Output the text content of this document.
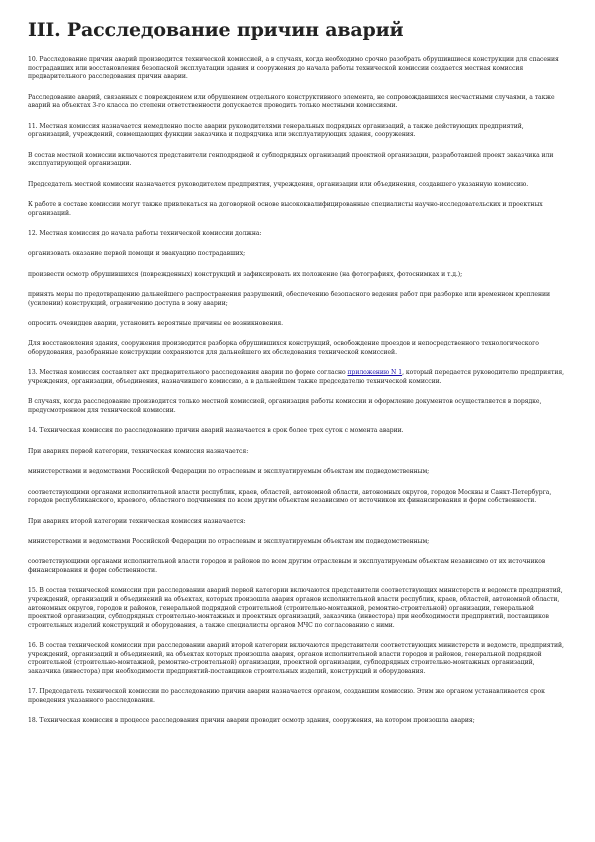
III. Расследование причин аварий

10. Расследование причин аварий производится технической комиссией, а в случаях, когда необходимо срочно разобрать обрушившиеся конструкции для спасения пострадавших или восстановления безопасной эксплуатации здания и сооружения до начала работы технической комиссии создается местная комиссия предварительного расследования причин аварии.

Расследование аварий, связанных с повреждением или обрушением отдельного конструктивного элемента, не сопровождавшихся несчастными случаями, а также аварий на объектах 3-го класса по степени ответственности допускается проводить только местными комиссиями.

11. Местная комиссия назначается немедленно после аварии руководителями генеральных подрядных организаций, а также действующих предприятий, организаций, учреждений, совмещающих функции заказчика и подрядчика или эксплуатирующих здания, сооружения.

В состав местной комиссии включаются представители генподрядной и субподрядных организаций проектной организации, разработавшей проект заказчика или эксплуатирующей организации.

Председатель местной комиссии назначается руководителем предприятия, учреждения, организации или объединения, создавшего указанную комиссию.

К работе в составе комиссии могут также привлекаться на договорной основе высококвалифицированные специалисты научно-исследовательских и проектных организаций.

12. Местная комиссия до начала работы технической комиссии должна:

организовать оказание первой помощи и эвакуацию пострадавших;

произвести осмотр обрушившихся (поврежденных) конструкций и зафиксировать их положение (на фотографиях, фотоснимках и т.д.);

принять меры по предотвращению дальнейшего распространения разрушений, обеспечению безопасного ведения работ при разборке или временном креплении (усилении) конструкций, ограничению доступа в зону аварии;

опросить очевидцев аварии, установить вероятные причины ее возникновения.

Для восстановления здания, сооружения производится разборка обрушившихся конструкций, освобождение проездов и непосредственного технологического оборудования, разобранные конструкции сохраняются для дальнейшего их обследования технической комиссией.

13. Местная комиссия составляет акт предварительного расследования аварии по форме согласно приложению N 1, который передается руководителю предприятия, учреждения, организации, объединения, назначившего комиссию, а в дальнейшем также председателю технической комиссии.

В случаях, когда расследование производится только местной комиссией, организация работы комиссии и оформление документов осуществляется в порядке, предусмотренном для технической комиссии.

14. Техническая комиссия по расследованию причин аварий назначается в срок более трех суток с момента аварии.

При авариях первой категории, техническая комиссия назначается:

министерствами и ведомствами Российской Федерации по отраслевым и эксплуатируемым объектам им подведомственным;

соответствующими органами исполнительной власти республик, краев, областей, автономной области, автономных округов, городов Москвы и Санкт-Петербурга, городов республиканского, краевого, областного подчинения по всем другим объектам независимо от источников их финансирования и форм собственности.

При авариях второй категории техническая комиссия назначается:

министерствами и ведомствами Российской Федерации по отраслевым и эксплуатируемым объектам им подведомственным;

соответствующими органами исполнительной власти городов и районов по всем другим отраслевым и эксплуатируемым объектам независимо от их источников финансирования и форм собственности.

15. В состав технической комиссии при расследовании аварий первой категории включаются представители соответствующих министерств и ведомств предприятий, учреждений, организаций и объединений на объектах, которых произошла авария органов исполнительной власти республик, краев, областей, автономной области, автономных округов, городов и районов, генеральной подрядной строительной (строительно-монтажной, ремонтно-строительной) организации, генеральной проектной организации, субподрядных строительно-монтажных и проектных организаций, заказчика (инвестора) при необходимости предприятий, поставщиков строительных изделий конструкций и оборудования, а также специалисты органов МЧС по согласованию с ними.

16. В состав технической комиссии при расследовании аварий второй категории включаются представители соответствующих министерств и ведомств, предприятий, учреждений, организаций и объединений, на объектах которых произошла авария, органов исполнительной власти городов и районов, генеральной подрядной строительной (строительно-монтажной, ремонтно-строительной) организации, проектной организации, субподрядных строительно-монтажных организаций, заказчика (инвестора) при необходимости предприятий-поставщиков строительных изделий, конструкций и оборудования.

17. Председатель технической комиссии по расследованию причин аварии назначается органом, создавшим комиссию. Этим же органом устанавливается срок проведения указанного расследования.

18. Техническая комиссия в процессе расследования причин аварии проводит осмотр здания, сооружения, на котором произошла авария;
